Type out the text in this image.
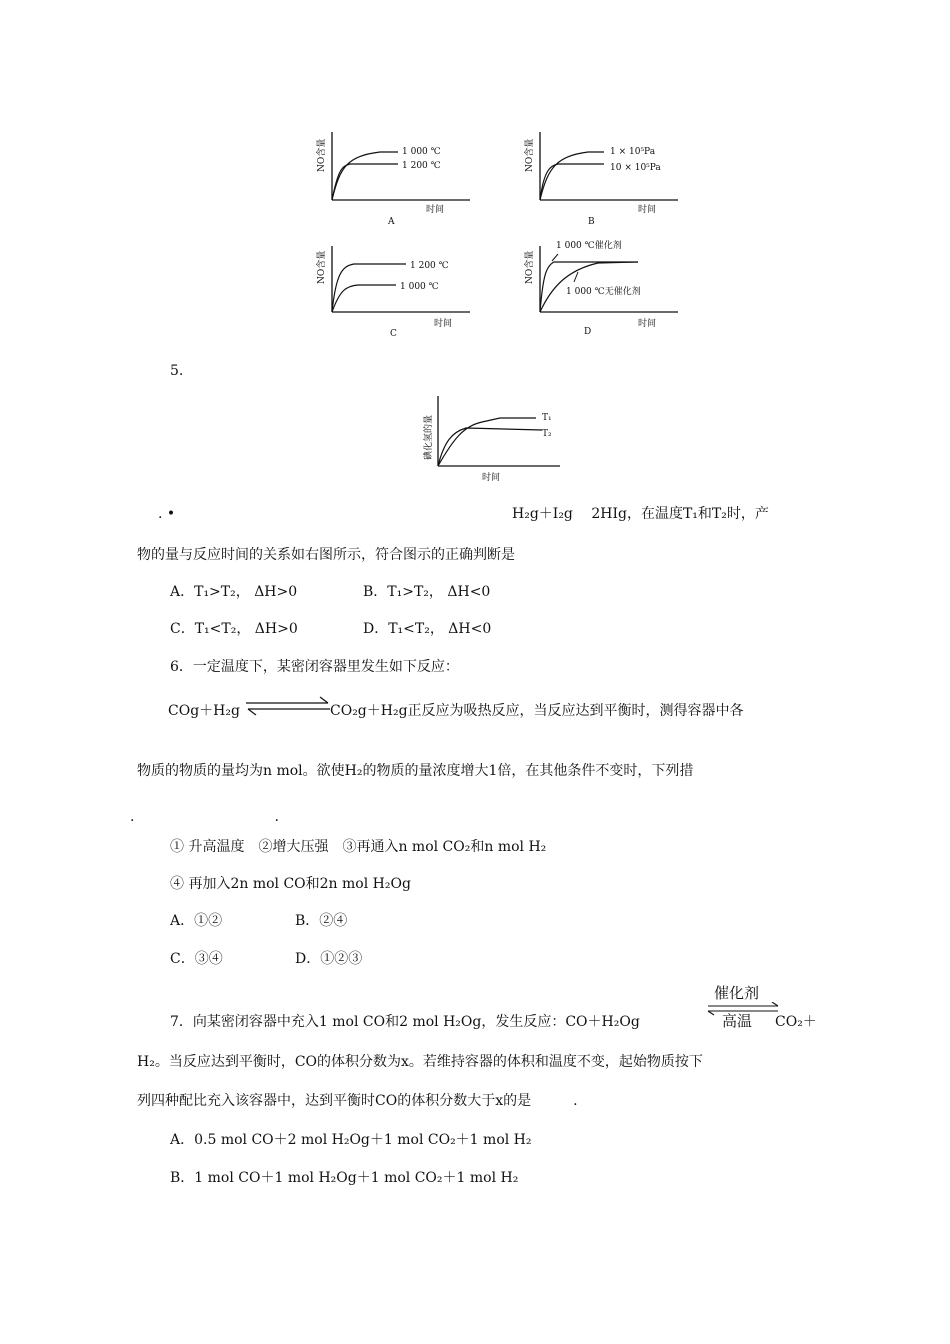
NO含量	1 000 ℃
1 200 ℃
时间
A
NO含量	1 × 10⁵Pa
10 × 10⁵Pa
时间
B
NO含量	1 200 ℃
1 000 ℃
时间
C
NO含量
1 000 ℃催化剂
1 000 ℃无催化剂
时间
D
5.
碘化氢的量	T₁
T₂
时间
. •	H₂g＋I₂g　 2HIg，在温度T₁和T₂时，产
物的量与反应时间的关系如右图所示，符合图示的正确判断是
A．T₁>T₂， ΔH>0	B．T₁>T₂， ΔH<0
C．T₁<T₂， ΔH>0	D．T₁<T₂， ΔH<0
6．一定温度下，某密闭容器里发生如下反应：
COg＋H₂g	CO₂g＋H₂g正反应为吸热反应，当反应达到平衡时，测得容器中各
物质的物质的量均为n mol。欲使H₂的物质的量浓度增大1倍，在其他条件不变时，下列措
.　　　　　　　　　　.
① 升高温度　②增大压强　③再通入n mol CO₂和n mol H₂
④ 再加入2n mol CO和2n mol H₂Og
A．①②	B．②④
C．③④	D．①②③
催化剂
7．向某密闭容器中充入1 mol CO和2 mol H₂Og，发生反应：CO＋H₂Og	高温 CO₂＋
H₂。当反应达到平衡时，CO的体积分数为x。若维持容器的体积和温度不变，起始物质按下
列四种配比充入该容器中，达到平衡时CO的体积分数大于x的是　　　.
A．0.5 mol CO＋2 mol H₂Og＋1 mol CO₂＋1 mol H₂
B．1 mol CO＋1 mol H₂Og＋1 mol CO₂＋1 mol H₂
